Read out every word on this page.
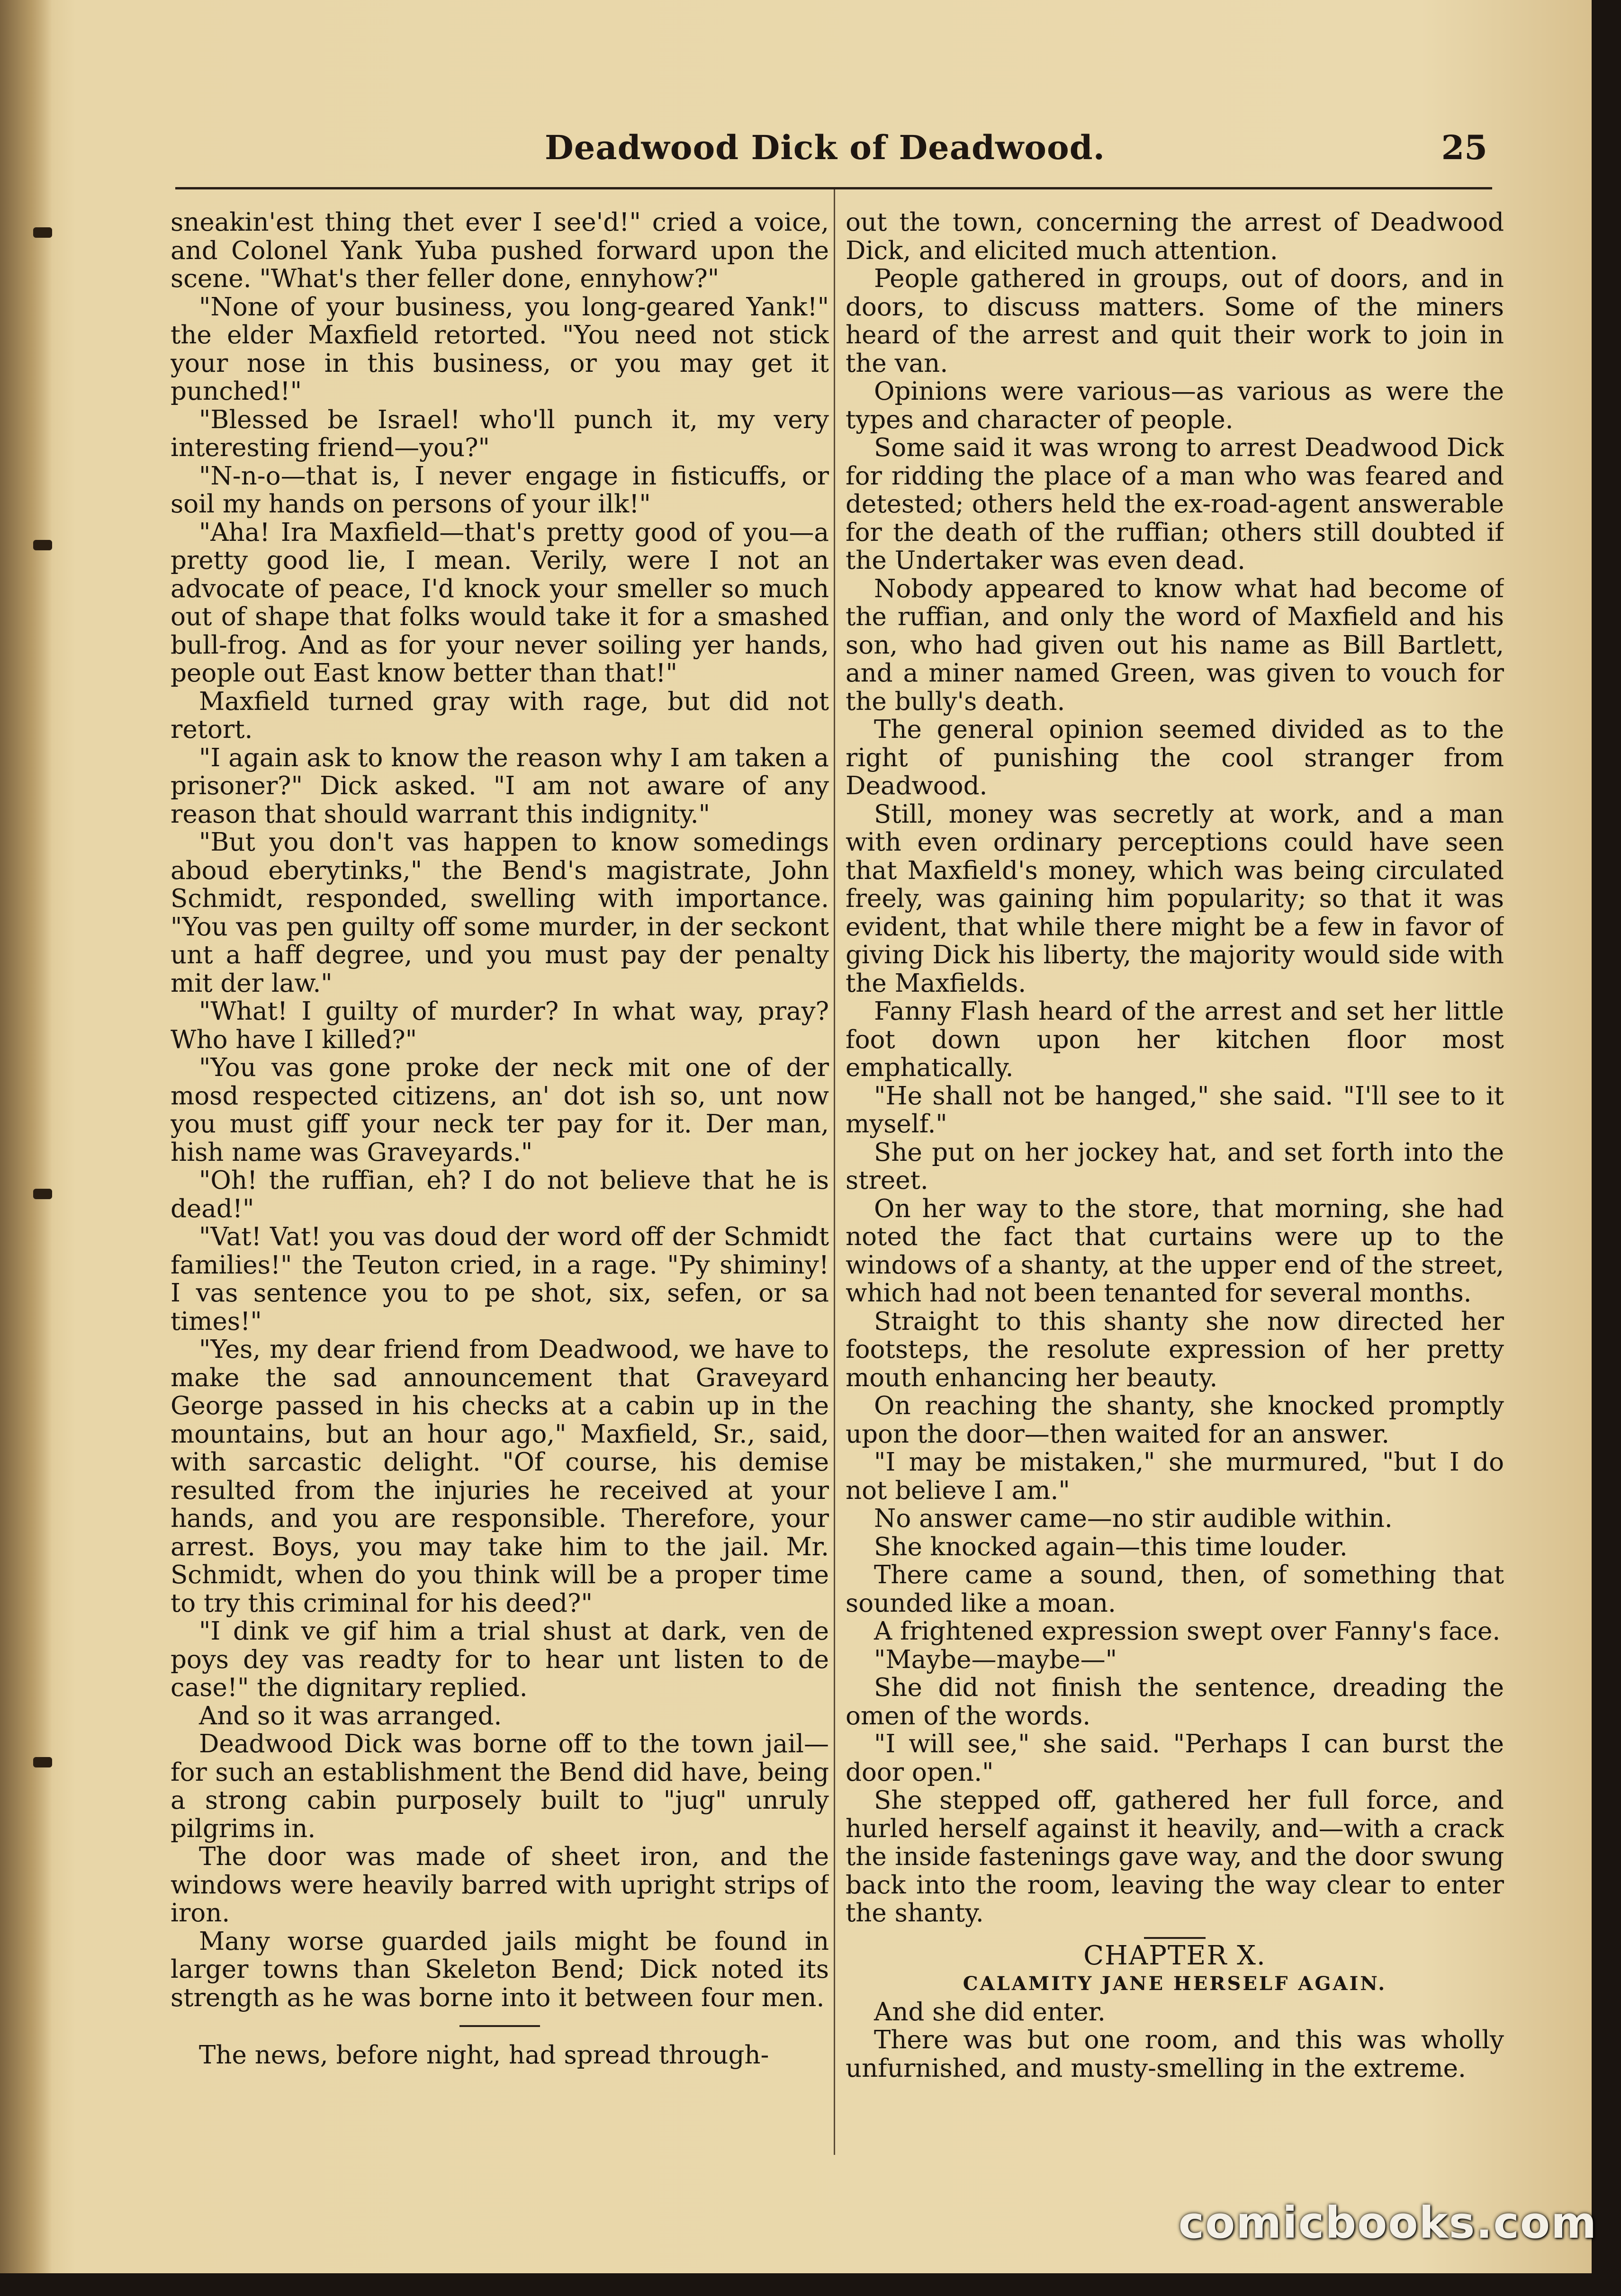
Deadwood Dick of Deadwood.	25

sneakin'est thing thet ever I see'd!" cried a voice, and Colonel Yank Yuba pushed forward upon the scene. "What's ther feller done, ennyhow?"

"None of your business, you long-geared Yank!" the elder Maxfield retorted. "You need not stick your nose in this business, or you may get it punched!"

"Blessed be Israel! who'll punch it, my very interesting friend—you?"

"N-n-o—that is, I never engage in fisticuffs, or soil my hands on persons of your ilk!"

"Aha! Ira Maxfield—that's pretty good of you—a pretty good lie, I mean. Verily, were I not an advocate of peace, I'd knock your smeller so much out of shape that folks would take it for a smashed bull-frog. And as for your never soiling yer hands, people out East know better than that!"

Maxfield turned gray with rage, but did not retort.

"I again ask to know the reason why I am taken a prisoner?" Dick asked. "I am not aware of any reason that should warrant this indignity."

"But you don't vas happen to know somedings aboud eberytinks," the Bend's magistrate, John Schmidt, responded, swelling with importance. "You vas pen guilty off some murder, in der seckont unt a haff degree, und you must pay der penalty mit der law."

"What! I guilty of murder? In what way, pray? Who have I killed?"

"You vas gone proke der neck mit one of der mosd respected citizens, an' dot ish so, unt now you must giff your neck ter pay for it. Der man, hish name was Graveyards."

"Oh! the ruffian, eh? I do not believe that he is dead!"

"Vat! Vat! you vas doud der word off der Schmidt families!" the Teuton cried, in a rage. "Py shiminy! I vas sentence you to pe shot, six, sefen, or sa times!"

"Yes, my dear friend from Deadwood, we have to make the sad announcement that Graveyard George passed in his checks at a cabin up in the mountains, but an hour ago," Maxfield, Sr., said, with sarcastic delight. "Of course, his demise resulted from the injuries he received at your hands, and you are responsible. Therefore, your arrest. Boys, you may take him to the jail. Mr. Schmidt, when do you think will be a proper time to try this criminal for his deed?"

"I dink ve gif him a trial shust at dark, ven de poys dey vas readty for to hear unt listen to de case!" the dignitary replied.

And so it was arranged.

Deadwood Dick was borne off to the town jail—for such an establishment the Bend did have, being a strong cabin purposely built to "jug" unruly pilgrims in.

The door was made of sheet iron, and the windows were heavily barred with upright strips of iron.

Many worse guarded jails might be found in larger towns than Skeleton Bend; Dick noted its strength as he was borne into it between four men.

The news, before night, had spread through-

out the town, concerning the arrest of Deadwood Dick, and elicited much attention.

People gathered in groups, out of doors, and in doors, to discuss matters. Some of the miners heard of the arrest and quit their work to join in the van.

Opinions were various—as various as were the types and character of people.

Some said it was wrong to arrest Deadwood Dick for ridding the place of a man who was feared and detested; others held the ex-road-agent answerable for the death of the ruffian; others still doubted if the Undertaker was even dead.

Nobody appeared to know what had become of the ruffian, and only the word of Maxfield and his son, who had given out his name as Bill Bartlett, and a miner named Green, was given to vouch for the bully's death.

The general opinion seemed divided as to the right of punishing the cool stranger from Deadwood.

Still, money was secretly at work, and a man with even ordinary perceptions could have seen that Maxfield's money, which was being circulated freely, was gaining him popularity; so that it was evident, that while there might be a few in favor of giving Dick his liberty, the majority would side with the Maxfields.

Fanny Flash heard of the arrest and set her little foot down upon her kitchen floor most emphatically.

"He shall not be hanged," she said. "I'll see to it myself."

She put on her jockey hat, and set forth into the street.

On her way to the store, that morning, she had noted the fact that curtains were up to the windows of a shanty, at the upper end of the street, which had not been tenanted for several months.

Straight to this shanty she now directed her footsteps, the resolute expression of her pretty mouth enhancing her beauty.

On reaching the shanty, she knocked promptly upon the door—then waited for an answer.

"I may be mistaken," she murmured, "but I do not believe I am."

No answer came—no stir audible within.

She knocked again—this time louder.

There came a sound, then, of something that sounded like a moan.

A frightened expression swept over Fanny's face.

"Maybe—maybe—"

She did not finish the sentence, dreading the omen of the words.

"I will see," she said. "Perhaps I can burst the door open."

She stepped off, gathered her full force, and hurled herself against it heavily, and—with a crack the inside fastenings gave way, and the door swung back into the room, leaving the way clear to enter the shanty.

CHAPTER X.

CALAMITY JANE HERSELF AGAIN.

And she did enter.

There was but one room, and this was wholly unfurnished, and musty-smelling in the extreme.

comicbooks.com
